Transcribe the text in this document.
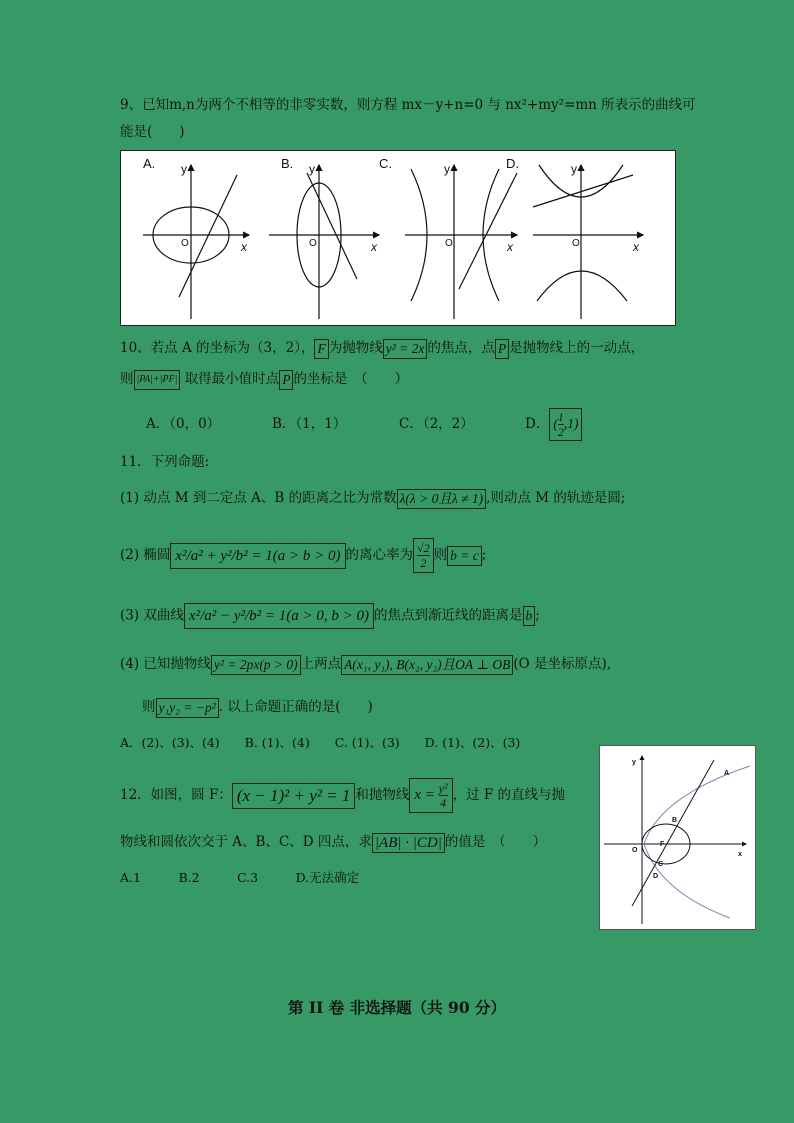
9、已知m,n为两个不相等的非零实数，则方程 mx－y+n=0 与 nx²+my²=mn 所表示的曲线可
能是(　　)
A.	B.	C.	D.
y	y	y	y
x	x	x	x
O	O	O	O
10、若点 A 的坐标为（3，2）， F 为抛物线 y² = 2x 的焦点，点 P 是抛物线上的一动点，
则 |PA|+|PF| 取得最小值时点 P 的坐标是　（　　）
A．（0，0）	B．（1，1）	C．（2，2）	D． ( $\frac{1}{2} ,1$)
11．下列命题:
(1) 动点 M 到二定点 A、B 的距离之比为常数 λ(λ > 0且λ ≠ 1) ,则动点 M 的轨迹是圆;
(2) 椭圆 x²/a² + y²/b² = 1(a > b > 0) 的离心率为 $\frac{√2}{2}$ 则 b = c ;
(3) 双曲线 x²/a² − y²/b² = 1(a > 0, b > 0) 的焦点到渐近线的距离是 b ;
(4) 已知抛物线 y² = 2px(p > 0) 上两点 A(x₁, y₁), B(x₂, y₂)且OA ⊥ OB (O 是坐标原点),
则 y₁y₂ = −p² . 以上命题正确的是(　　)
A．(2)、(3)、(4)　　B. (1)、(4)　　C. (1)、(3)　　D. (1)、(2)、(3)
12．如图，圆 F： (x − 1)² + y² = 1 和抛物线 $x = \frac{\text{y²}}{4}$ ，过 F 的直线与抛
物线和圆依次交于 A、B、C、D 四点，求 |AB| · |CD| 的值是　（　　）
A.1　　　B.2　　　C.3　　　D.无法确定
y
x
O
A
B
C
D
F
第 II 卷 非选择题（共 90 分）
